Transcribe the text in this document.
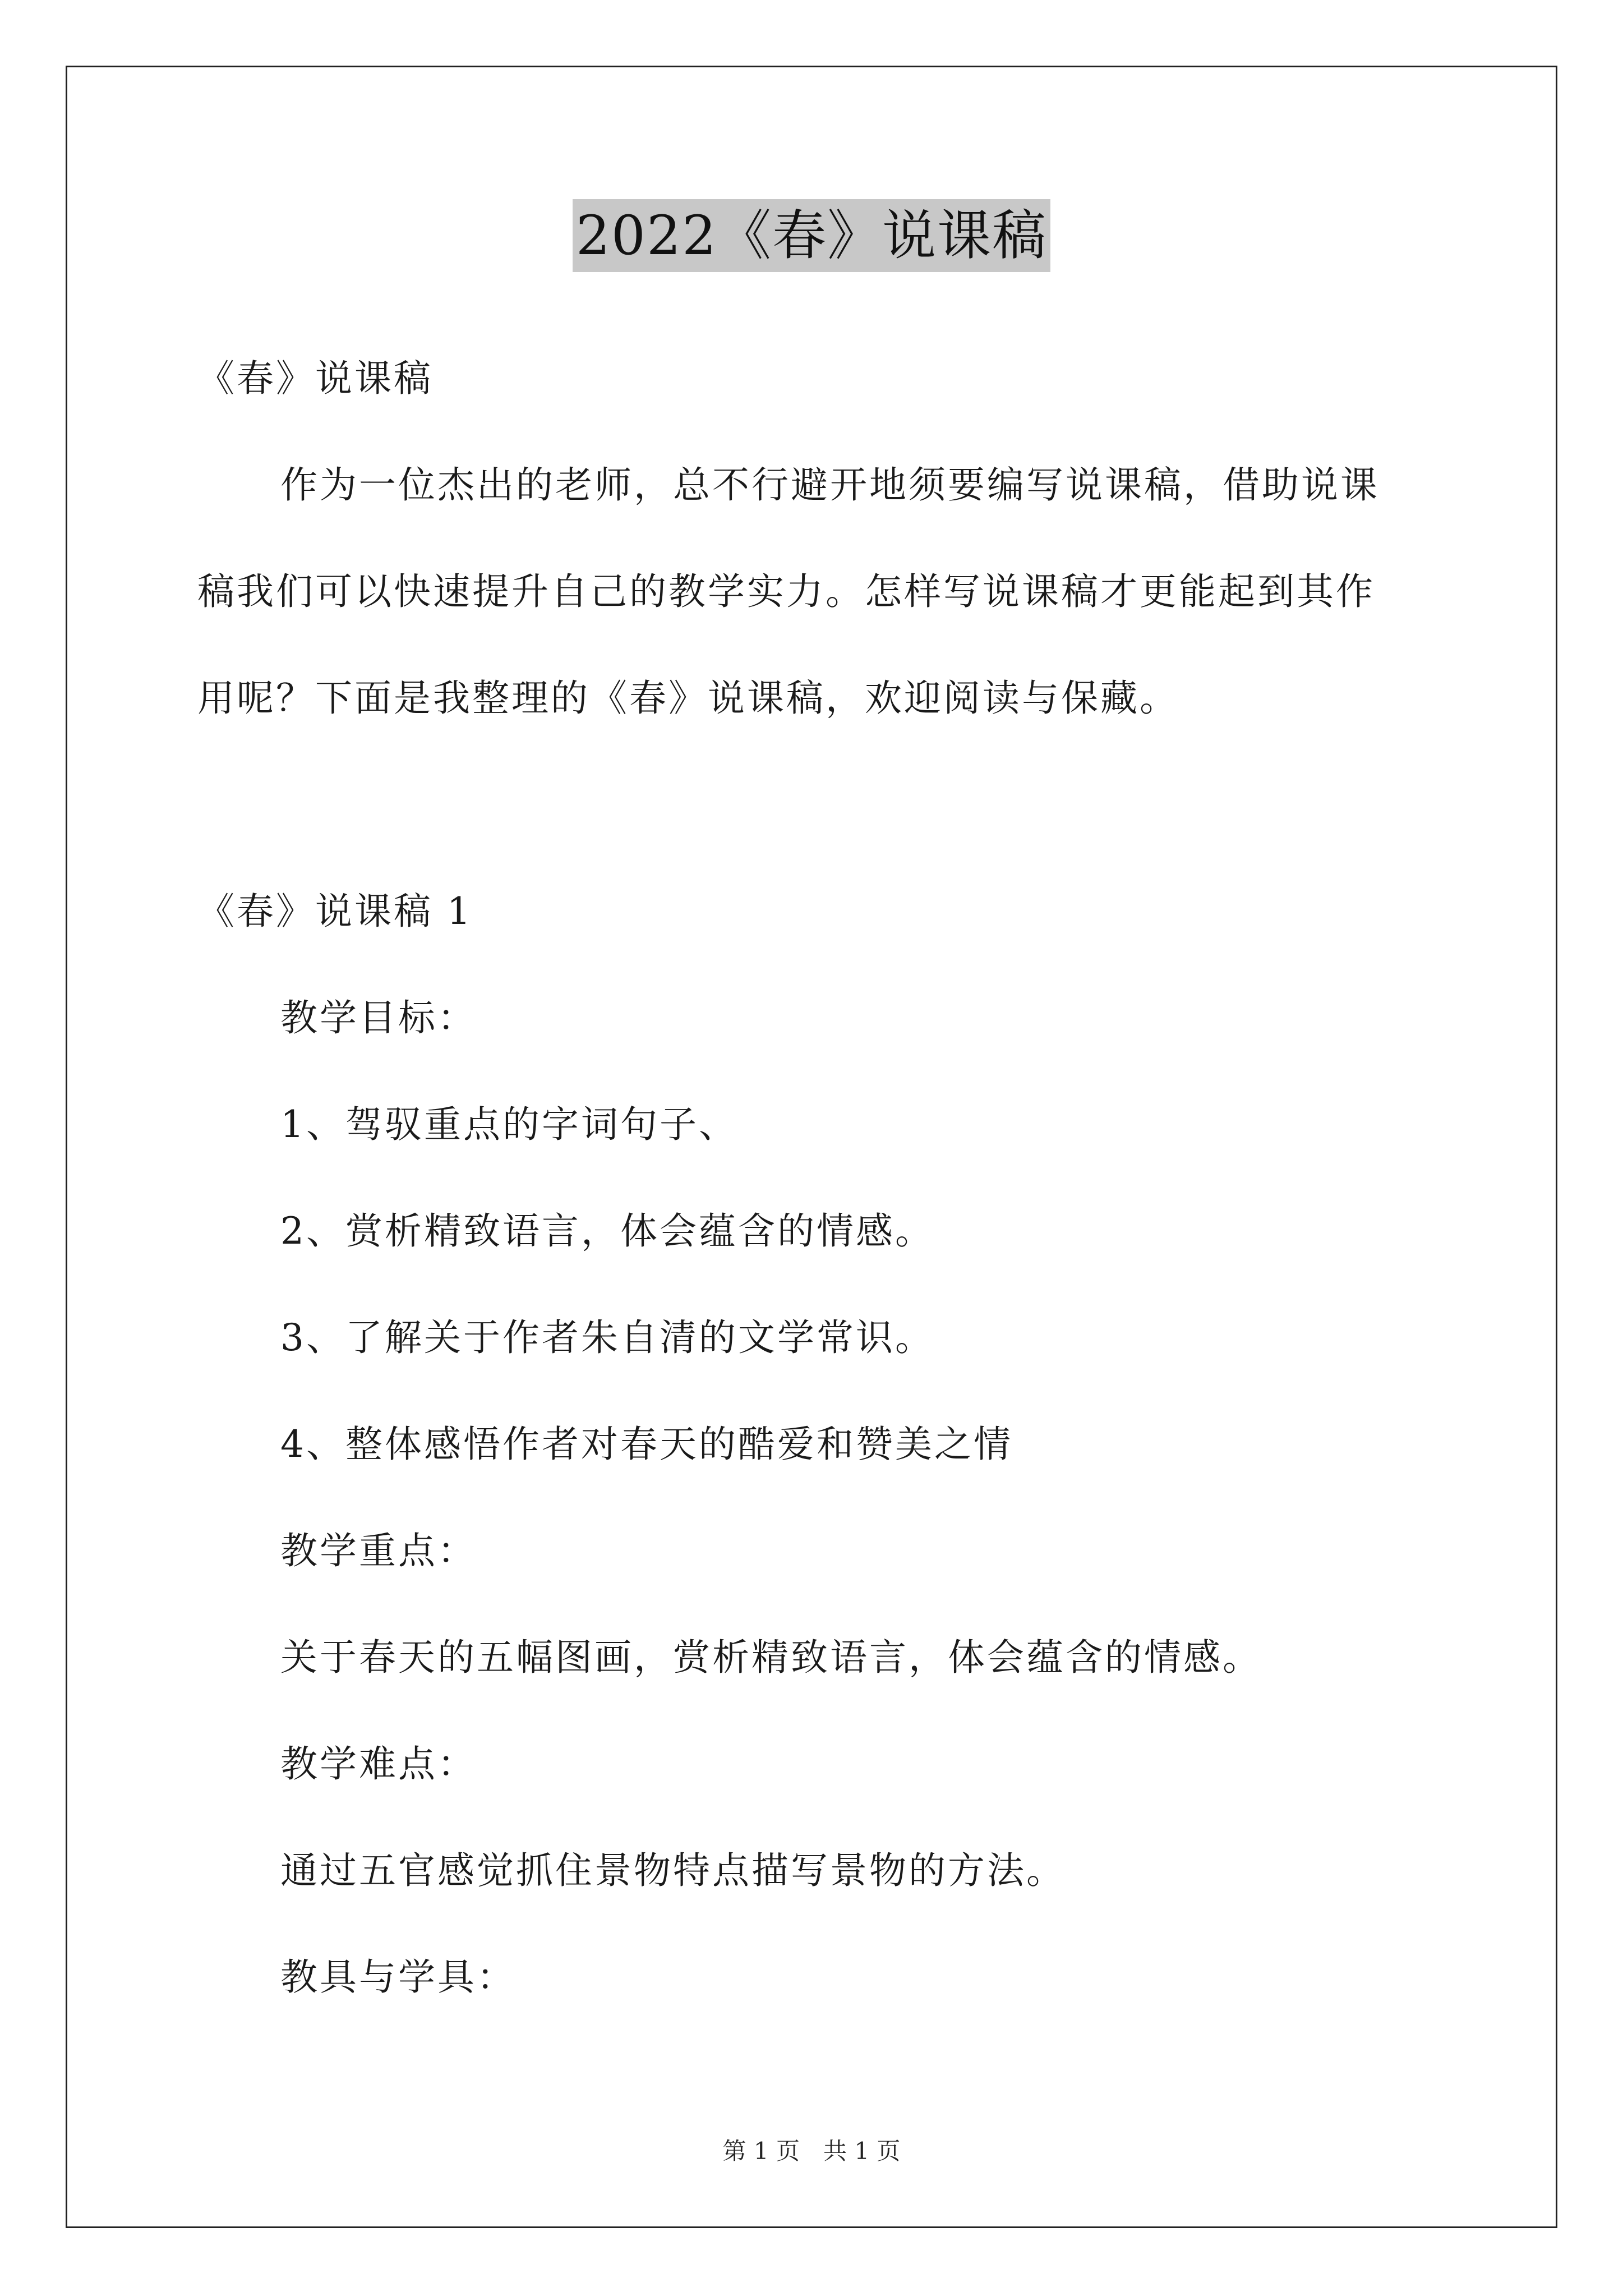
2022《春》说课稿
《春》说课稿
作为一位杰出的老师，总不行避开地须要编写说课稿，借助说课
稿我们可以快速提升自己的教学实力。怎样写说课稿才更能起到其作
用呢？下面是我整理的《春》说课稿，欢迎阅读与保藏。
《春》说课稿 1
教学目标：
1、驾驭重点的字词句子、
2、赏析精致语言，体会蕴含的情感。
3、了解关于作者朱自清的文学常识。
4、整体感悟作者对春天的酷爱和赞美之情
教学重点：
关于春天的五幅图画，赏析精致语言，体会蕴含的情感。
教学难点：
通过五官感觉抓住景物特点描写景物的方法。
教具与学具：
第 1 页　共 1 页
